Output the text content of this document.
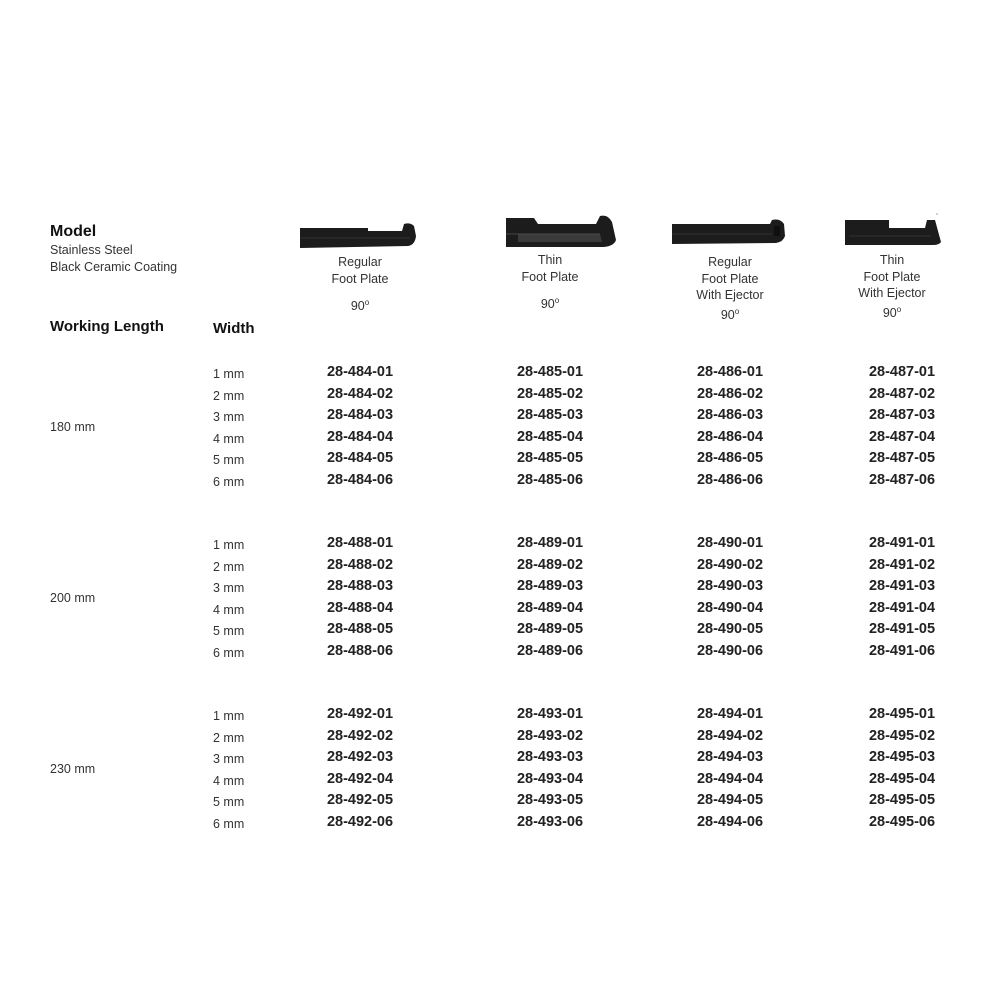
Model
Stainless Steel
Black Ceramic Coating
Working Length	Width
Regular
Foot Plate
90$^o$
Thin
Foot Plate
90$^o$
Regular
Foot Plate
With Ejector
90$^o$
Thin
Foot Plate
With Ejector
90$^o$
180 mm
1 mm	28-484-01	28-485-01	28-486-01	28-487-01
2 mm	28-484-02	28-485-02	28-486-02	28-487-02
3 mm	28-484-03	28-485-03	28-486-03	28-487-03
4 mm	28-484-04	28-485-04	28-486-04	28-487-04
5 mm	28-484-05	28-485-05	28-486-05	28-487-05
6 mm	28-484-06	28-485-06	28-486-06	28-487-06
200 mm
1 mm	28-488-01	28-489-01	28-490-01	28-491-01
2 mm	28-488-02	28-489-02	28-490-02	28-491-02
3 mm	28-488-03	28-489-03	28-490-03	28-491-03
4 mm	28-488-04	28-489-04	28-490-04	28-491-04
5 mm	28-488-05	28-489-05	28-490-05	28-491-05
6 mm	28-488-06	28-489-06	28-490-06	28-491-06
230 mm
1 mm	28-492-01	28-493-01	28-494-01	28-495-01
2 mm	28-492-02	28-493-02	28-494-02	28-495-02
3 mm	28-492-03	28-493-03	28-494-03	28-495-03
4 mm	28-492-04	28-493-04	28-494-04	28-495-04
5 mm	28-492-05	28-493-05	28-494-05	28-495-05
6 mm	28-492-06	28-493-06	28-494-06	28-495-06
